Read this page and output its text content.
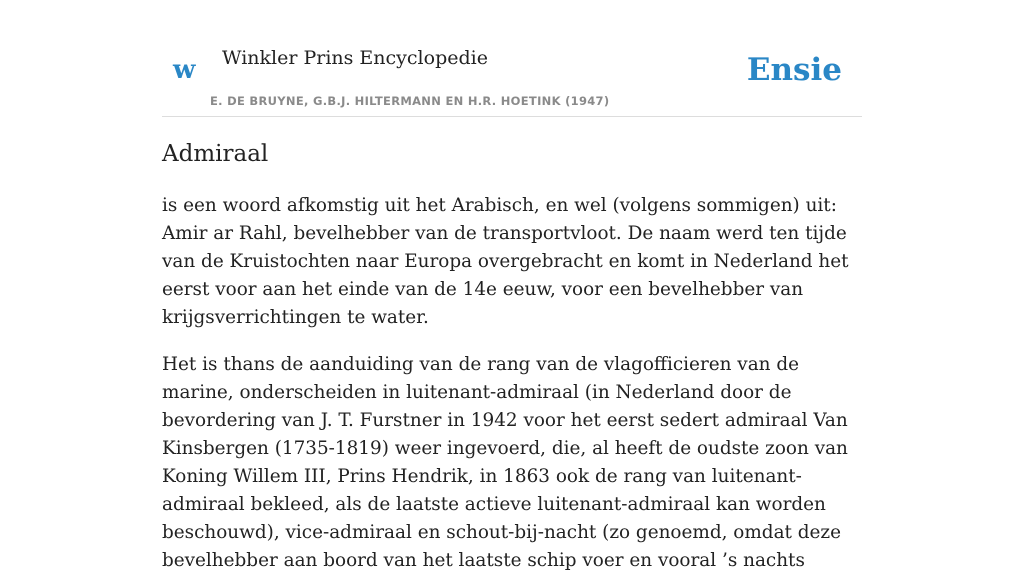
w Winkler Prins Encyclopedie
E. DE BRUYNE, G.B.J. HILTERMANN EN H.R. HOETINK (1947)
Ensie
Admiraal

is een woord afkomstig uit het Arabisch, en wel (volgens sommigen) uit: Amir ar Rahl, bevelhebber van de transportvloot. De naam werd ten tijde van de Kruistochten naar Europa overgebracht en komt in Nederland het eerst voor aan het einde van de 14e eeuw, voor een bevelhebber van krijgsverrichtingen te water.

Het is thans de aanduiding van de rang van de vlagofficieren van de marine, onderscheiden in luitenant-admiraal (in Nederland door de bevordering van J. T. Furstner in 1942 voor het eerst sedert admiraal Van Kinsbergen (1735-1819) weer ingevoerd, die, al heeft de oudste zoon van Koning Willem III, Prins Hendrik, in 1863 ook de rang van luitenant-admiraal bekleed, als de laatste actieve luitenant-admiraal kan worden beschouwd), vice-admiraal en schout-bij-nacht (zo genoemd, omdat deze bevelhebber aan boord van het laatste schip voer en vooral ’s nachts
